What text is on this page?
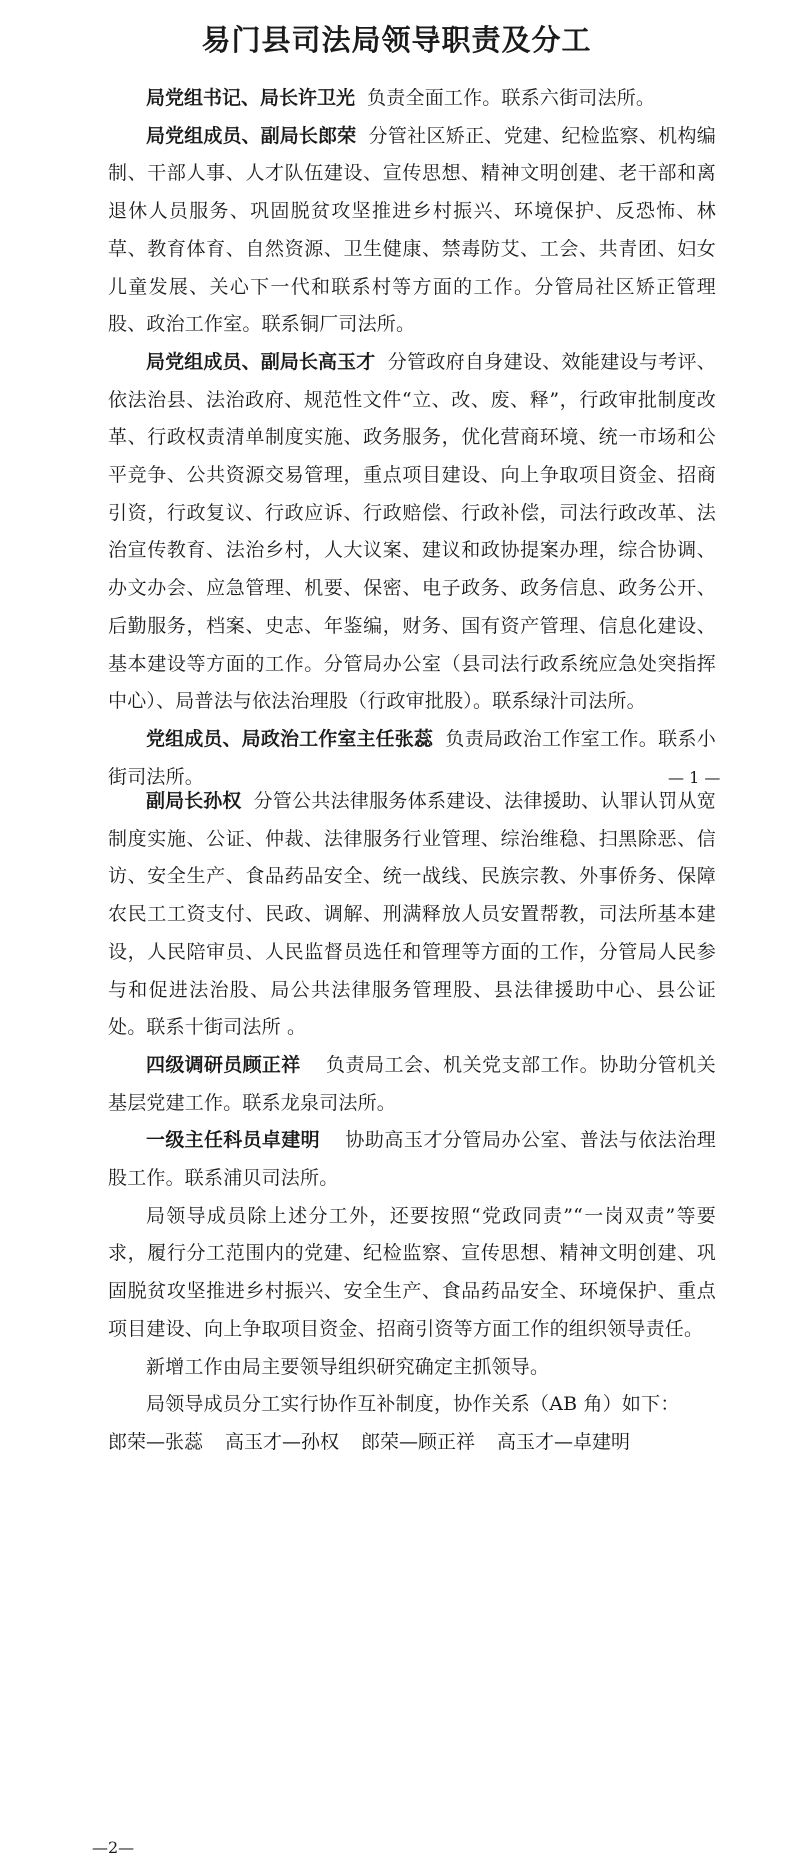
易门县司法局领导职责及分工

局党组书记、局长许卫光 负责全面工作。联系六街司法所。

局党组成员、副局长郎荣 分管社区矫正、党建、纪检监察、机构编制、干部人事、人才队伍建设、宣传思想、精神文明创建、老干部和离退休人员服务、巩固脱贫攻坚推进乡村振兴、环境保护、反恐怖、林草、教育体育、自然资源、卫生健康、禁毒防艾、工会、共青团、妇女儿童发展、关心下一代和联系村等方面的工作。分管局社区矫正管理股、政治工作室。联系铜厂司法所。

局党组成员、副局长高玉才 分管政府自身建设、效能建设与考评、依法治县、法治政府、规范性文件“立、改、废、释”，行政审批制度改革、行政权责清单制度实施、政务服务，优化营商环境、统一市场和公平竞争、公共资源交易管理，重点项目建设、向上争取项目资金、招商引资，行政复议、行政应诉、行政赔偿、行政补偿，司法行政改革、法治宣传教育、法治乡村，人大议案、建议和政协提案办理，综合协调、办文办会、应急管理、机要、保密、电子政务、政务信息、政务公开、后勤服务，档案、史志、年鉴编，财务、国有资产管理、信息化建设、基本建设等方面的工作。分管局办公室（县司法行政系统应急处突指挥中心）、局普法与依法治理股（行政审批股）。联系绿汁司法所。

党组成员、局政治工作室主任张蕊 负责局政治工作室工作。联系小街司法所。	— 1 —

副局长孙权 分管公共法律服务体系建设、法律援助、认罪认罚从宽制度实施、公证、仲裁、法律服务行业管理、综治维稳、扫黑除恶、信访、安全生产、食品药品安全、统一战线、民族宗教、外事侨务、保障农民工工资支付、民政、调解、刑满释放人员安置帮教，司法所基本建设，人民陪审员、人民监督员选任和管理等方面的工作，分管局人民参与和促进法治股、局公共法律服务管理股、县法律援助中心、县公证处。联系十街司法所 。

四级调研员顾正祥 负责局工会、机关党支部工作。协助分管机关基层党建工作。联系龙泉司法所。

一级主任科员卓建明 协助高玉才分管局办公室、普法与依法治理股工作。联系浦贝司法所。

局领导成员除上述分工外，还要按照“党政同责”“一岗双责”等要求，履行分工范围内的党建、纪检监察、宣传思想、精神文明创建、巩固脱贫攻坚推进乡村振兴、安全生产、食品药品安全、环境保护、重点项目建设、向上争取项目资金、招商引资等方面工作的组织领导责任。

新增工作由局主要领导组织研究确定主抓领导。

局领导成员分工实行协作互补制度，协作关系（AB 角）如下：

郎荣—张蕊 高玉才—孙权 郎荣—顾正祥 高玉才—卓建明

—2—
